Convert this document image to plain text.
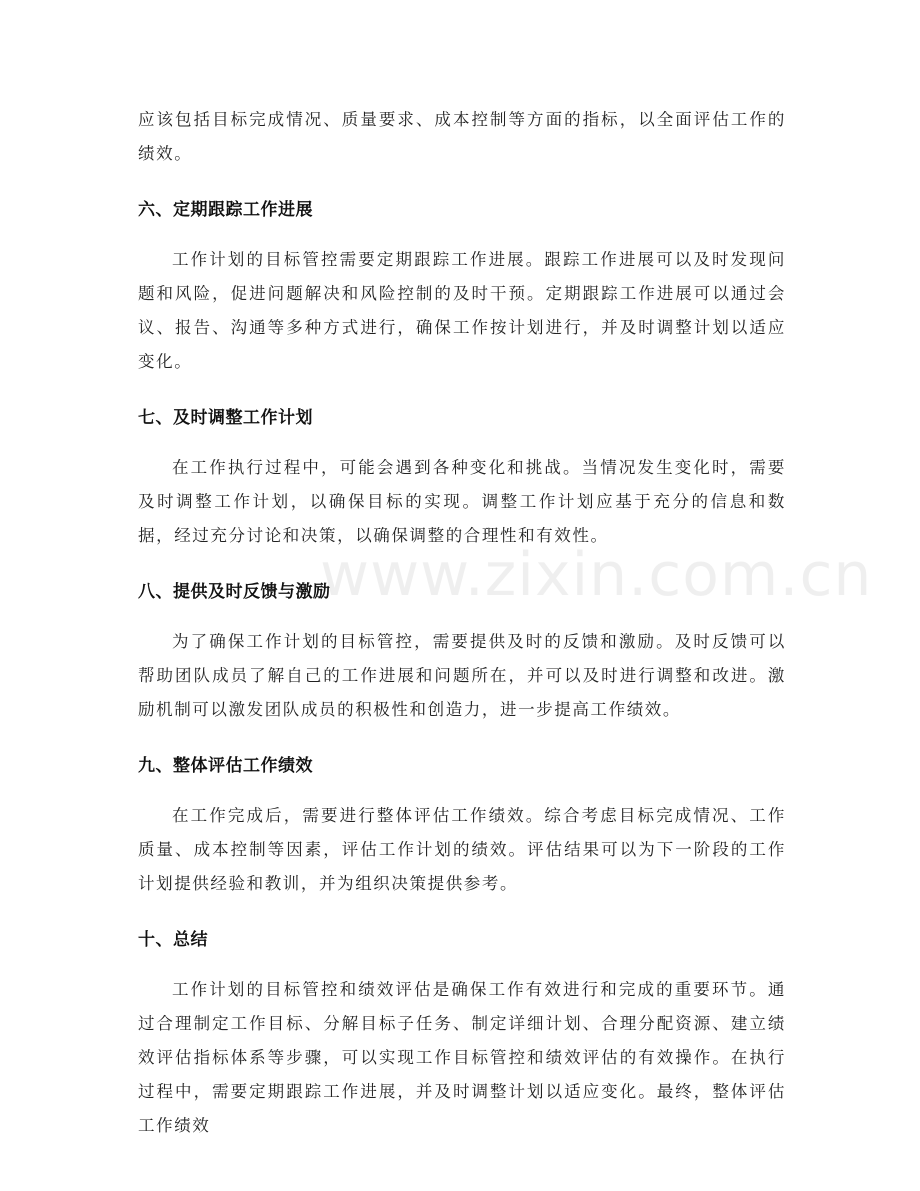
应该包括目标完成情况、质量要求、成本控制等方面的指标，以全面评估工作的绩效。

六、定期跟踪工作进展

工作计划的目标管控需要定期跟踪工作进展。跟踪工作进展可以及时发现问题和风险，促进问题解决和风险控制的及时干预。定期跟踪工作进展可以通过会议、报告、沟通等多种方式进行，确保工作按计划进行，并及时调整计划以适应变化。

七、及时调整工作计划

在工作执行过程中，可能会遇到各种变化和挑战。当情况发生变化时，需要及时调整工作计划，以确保目标的实现。调整工作计划应基于充分的信息和数据，经过充分讨论和决策，以确保调整的合理性和有效性。

八、提供及时反馈与激励

为了确保工作计划的目标管控，需要提供及时的反馈和激励。及时反馈可以帮助团队成员了解自己的工作进展和问题所在，并可以及时进行调整和改进。激励机制可以激发团队成员的积极性和创造力，进一步提高工作绩效。

九、整体评估工作绩效

在工作完成后，需要进行整体评估工作绩效。综合考虑目标完成情况、工作质量、成本控制等因素，评估工作计划的绩效。评估结果可以为下一阶段的工作计划提供经验和教训，并为组织决策提供参考。

十、总结

工作计划的目标管控和绩效评估是确保工作有效进行和完成的重要环节。通过合理制定工作目标、分解目标子任务、制定详细计划、合理分配资源、建立绩效评估指标体系等步骤，可以实现工作目标管控和绩效评估的有效操作。在执行过程中，需要定期跟踪工作进展，并及时调整计划以适应变化。最终，整体评估工作绩效

www.zixin.com.cn
